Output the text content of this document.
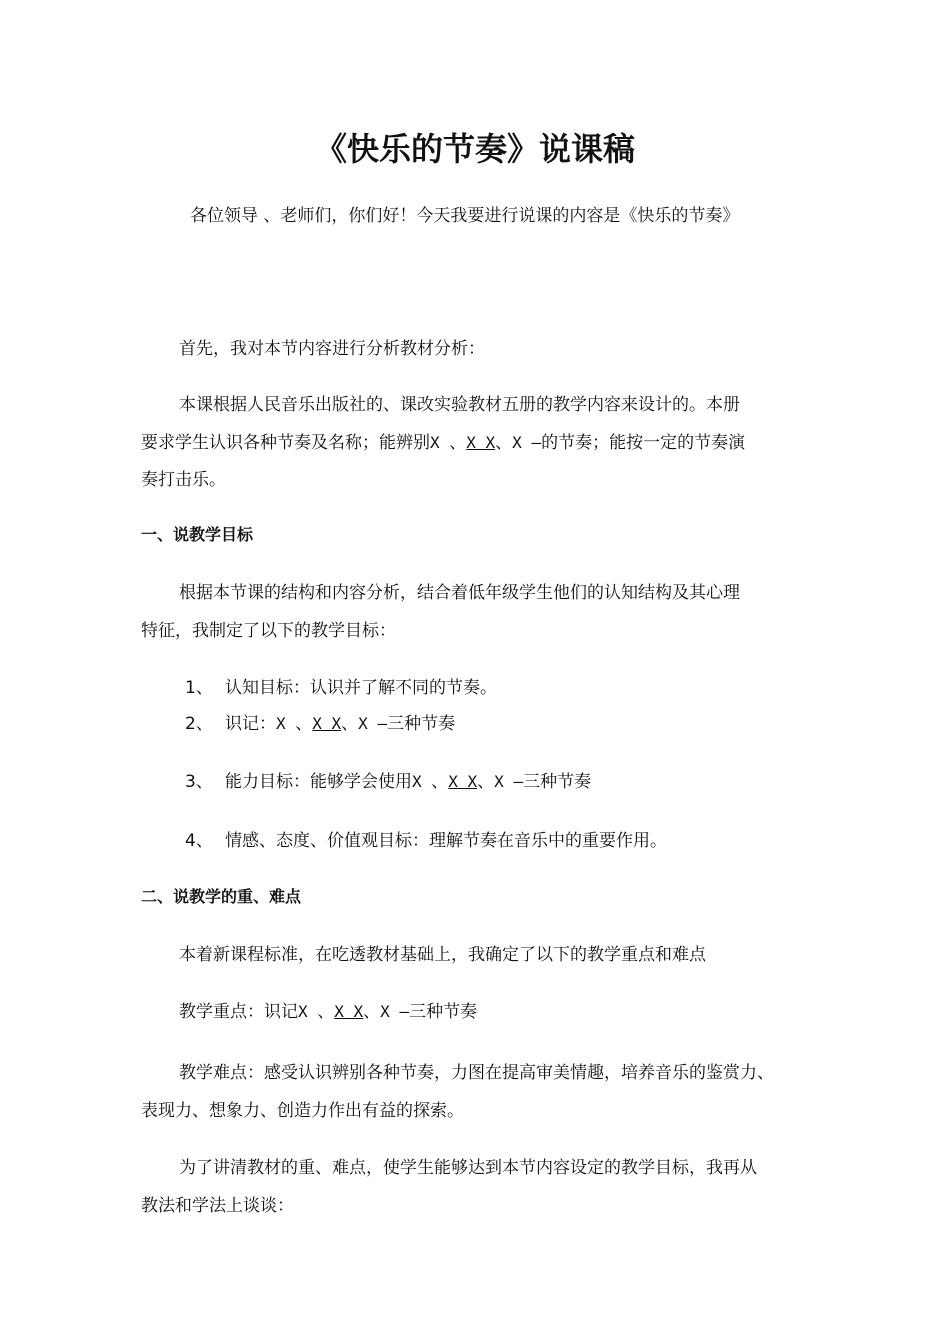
《快乐的节奏》说课稿
各位领导 、老师们，你们好！今天我要进行说课的内容是《快乐的节奏》
首先，我对本节内容进行分析教材分析：
本课根据人民音乐出版社的、课改实验教材五册的教学内容来设计的。本册
要求学生认识各种节奏及名称；能辨别X 、X X、X —的节奏；能按一定的节奏演
奏打击乐。
一、说教学目标
根据本节课的结构和内容分析，结合着低年级学生他们的认知结构及其心理
特征，我制定了以下的教学目标：
1、 认知目标：认识并了解不同的节奏。
2、 识记：X 、X X、X —三种节奏
3、 能力目标：能够学会使用X 、X X、X —三种节奏
4、 情感、态度、价值观目标：理解节奏在音乐中的重要作用。
二、说教学的重、难点
本着新课程标准，在吃透教材基础上，我确定了以下的教学重点和难点
教学重点：识记X 、X X、X —三种节奏
教学难点：感受认识辨别各种节奏，力图在提高审美情趣，培养音乐的鉴赏力、
表现力、想象力、创造力作出有益的探索。
为了讲清教材的重、难点，使学生能够达到本节内容设定的教学目标，我再从
教法和学法上谈谈：
